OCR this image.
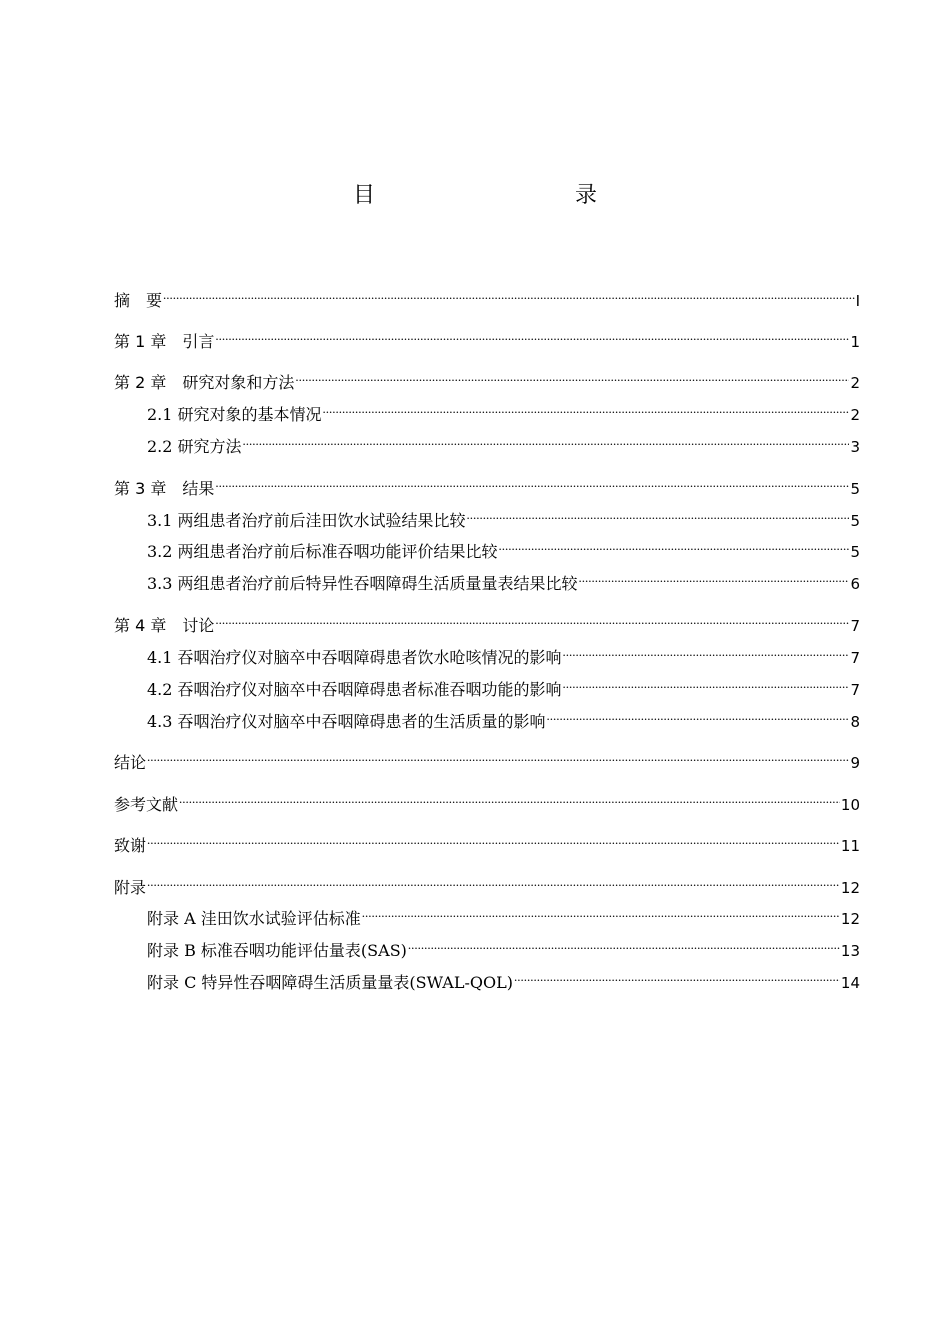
目　　录
摘　要 .....	I
第 1 章　引言 .....	1
第 2 章　研究对象和方法 .....	2
2.1 研究对象的基本情况 .....	2
2.2 研究方法 .....	3
第 3 章　结果 .....	5
3.1 两组患者治疗前后洼田饮水试验结果比较 .....	5
3.2 两组患者治疗前后标准吞咽功能评价结果比较 .....	5
3.3 两组患者治疗前后特异性吞咽障碍生活质量量表结果比较 .....	6
第 4 章　讨论 .....	7
4.1 吞咽治疗仪对脑卒中吞咽障碍患者饮水呛咳情况的影响 .....	7
4.2 吞咽治疗仪对脑卒中吞咽障碍患者标准吞咽功能的影响 .....	7
4.3 吞咽治疗仪对脑卒中吞咽障碍患者的生活质量的影响 .....	8
结论 .....	9
参考文献 .....	10
致谢 .....	11
附录 .....	12
附录 A 洼田饮水试验评估标准 .....	12
附录 B 标准吞咽功能评估量表(SAS) .....	13
附录 C 特异性吞咽障碍生活质量量表(SWAL-QOL) .....	14
